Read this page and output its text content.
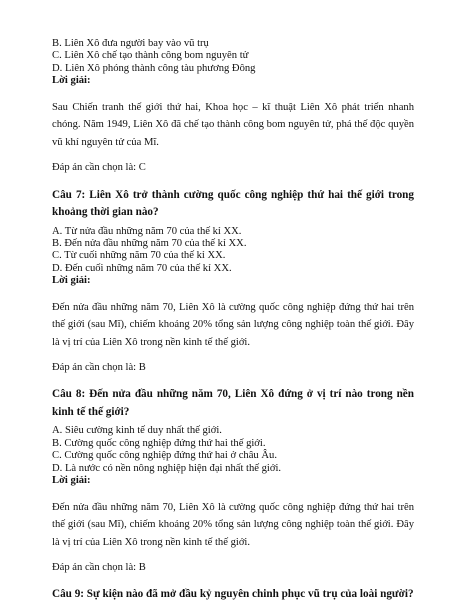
B. Liên Xô đưa người bay vào vũ trụ

C. Liên Xô chế tạo thành công bom nguyên tử

D. Liên Xô phóng thành công tàu phương Đông

Lời giải:

Sau Chiến tranh thế giới thứ hai, Khoa học – kĩ thuật Liên Xô phát triển nhanh chóng. Năm 1949, Liên Xô đã chế tạo thành công bom nguyên tử, phá thế độc quyền vũ khí nguyên tử của Mĩ.

Đáp án cần chọn là: C

Câu 7: Liên Xô trở thành cường quốc công nghiệp thứ hai thế giới trong khoảng thời gian nào?

A. Từ nửa đầu những năm 70 của thế kỉ XX.

B. Đến nửa đầu những năm 70 của thế kỉ XX.

C. Từ cuối những năm 70 của thế kỉ XX.

D. Đến cuối những năm 70 của thế kỉ XX.

Lời giải:

Đến nửa đầu những năm 70, Liên Xô là cường quốc công nghiệp đứng thứ hai trên thế giới (sau Mĩ), chiếm khoảng 20% tổng sản lượng công nghiệp toàn thế giới. Đây là vị trí của Liên Xô trong nền kinh tế thế giới.

Đáp án cần chọn là: B

Câu 8: Đến nửa đầu những năm 70, Liên Xô đứng ở vị trí nào trong nền kinh tế thế giới?

A. Siêu cường kinh tế duy nhất thế giới.

B. Cường quốc công nghiệp đứng thứ hai thế giới.

C. Cường quốc công nghiệp đứng thứ hai ở châu Âu.

D. Là nước có nền nông nghiệp hiện đại nhất thế giới.

Lời giải:

Đến nửa đầu những năm 70, Liên Xô là cường quốc công nghiệp đứng thứ hai trên thế giới (sau Mĩ), chiếm khoảng 20% tổng sản lượng công nghiệp toàn thế giới. Đây là vị trí của Liên Xô trong nền kinh tế thế giới.

Đáp án cần chọn là: B

Câu 9: Sự kiện nào đã mở đầu kỷ nguyên chinh phục vũ trụ của loài người?
